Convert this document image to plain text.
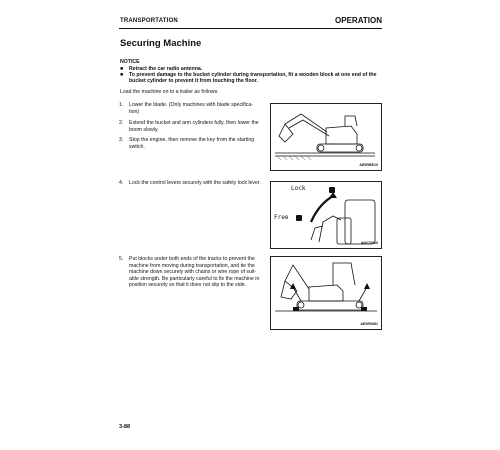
TRANSPORTATION	OPERATION
Securing Machine
NOTICE
■ Retract the car radio antenna.
■ To prevent damage to the bucket cylinder during transportation, fit a wooden block at one end of the bucket cylinder to prevent it from touching the floor.
Load the machine on to a trailer as follows.
1. Lower the blade. (Only machines with blade specifica- tion)
2. Extend the bucket and arm cylinders fully, then lower the boom slowly.
3. Stop the engine, then remove the key from the starting switch.
4. Lock the control levers securely with the safety lock lever.
5. Put blocks under both ends of the tracks to prevent the machine from moving during transportation, and tie the machine down securely with chains or wire rope of suit- able strength. Be particularly careful to fix the machine in position securely so that it does not slip to the side.
AE0RBE10
Lock
Free
AN270510
AE0R0681
3-88
